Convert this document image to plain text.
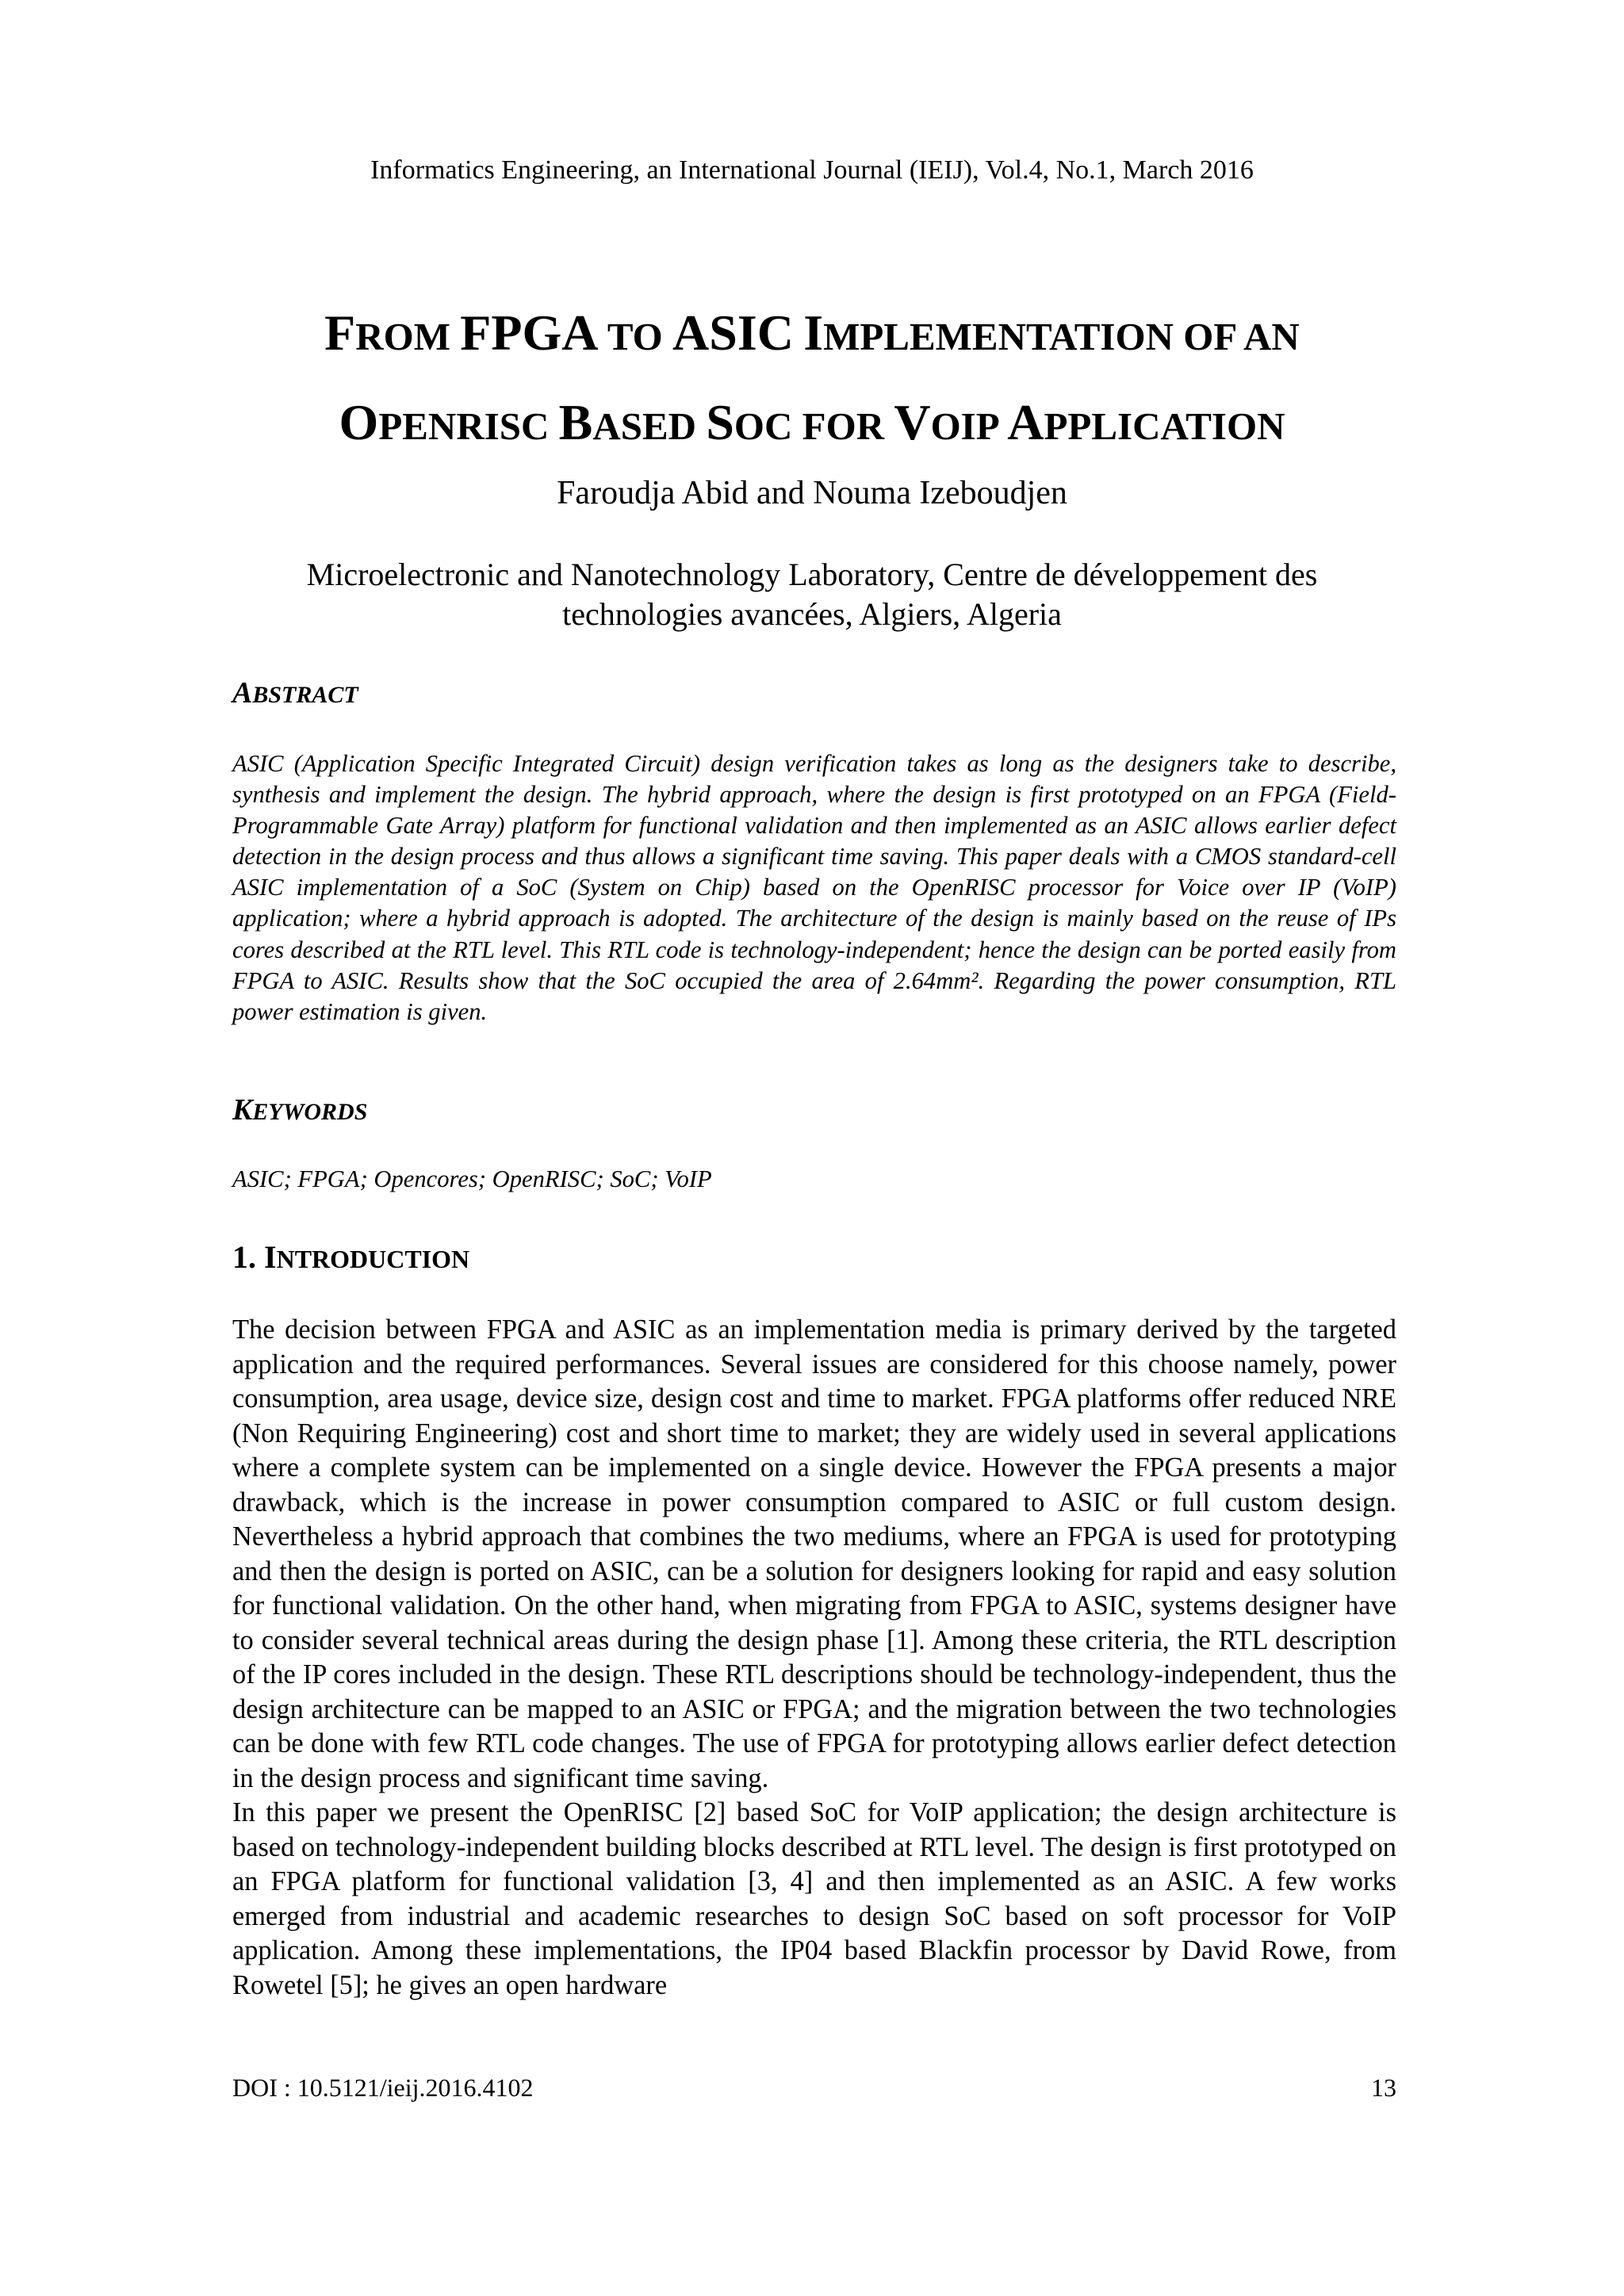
Informatics Engineering, an International Journal (IEIJ), Vol.4, No.1, March 2016
FROM FPGA TO ASIC IMPLEMENTATION OF AN
OPENRISC BASED SOC FOR VOIP APPLICATION
Faroudja Abid and Nouma Izeboudjen
Microelectronic and Nanotechnology Laboratory, Centre de développement des
technologies avancées, Algiers, Algeria
ABSTRACT
ASIC (Application Specific Integrated Circuit) design verification takes as long as the designers take to describe, synthesis and implement the design. The hybrid approach, where the design is first prototyped on an FPGA (Field-Programmable Gate Array) platform for functional validation and then implemented as an ASIC allows earlier defect detection in the design process and thus allows a significant time saving. This paper deals with a CMOS standard-cell ASIC implementation of a SoC (System on Chip) based on the OpenRISC processor for Voice over IP (VoIP) application; where a hybrid approach is adopted. The architecture of the design is mainly based on the reuse of IPs cores described at the RTL level. This RTL code is technology-independent; hence the design can be ported easily from FPGA to ASIC. Results show that the SoC occupied the area of 2.64mm². Regarding the power consumption, RTL power estimation is given.
KEYWORDS
ASIC; FPGA; Opencores; OpenRISC; SoC; VoIP
1. INTRODUCTION

The decision between FPGA and ASIC as an implementation media is primary derived by the targeted application and the required performances. Several issues are considered for this choose namely, power consumption, area usage, device size, design cost and time to market. FPGA platforms offer reduced NRE (Non Requiring Engineering) cost and short time to market; they are widely used in several applications where a complete system can be implemented on a single device. However the FPGA presents a major drawback, which is the increase in power consumption compared to ASIC or full custom design. Nevertheless a hybrid approach that combines the two mediums, where an FPGA is used for prototyping and then the design is ported on ASIC, can be a solution for designers looking for rapid and easy solution for functional validation. On the other hand, when migrating from FPGA to ASIC, systems designer have to consider several technical areas during the design phase [1]. Among these criteria, the RTL description of the IP cores included in the design. These RTL descriptions should be technology-independent, thus the design architecture can be mapped to an ASIC or FPGA; and the migration between the two technologies can be done with few RTL code changes. The use of FPGA for prototyping allows earlier defect detection in the design process and significant time saving.

In this paper we present the OpenRISC [2] based SoC for VoIP application; the design architecture is based on technology-independent building blocks described at RTL level. The design is first prototyped on an FPGA platform for functional validation [3, 4] and then implemented as an ASIC. A few works emerged from industrial and academic researches to design SoC based on soft processor for VoIP application. Among these implementations, the IP04 based Blackfin processor by David Rowe, from Rowetel [5]; he gives an open hardware

DOI : 10.5121/ieij.2016.4102	13
